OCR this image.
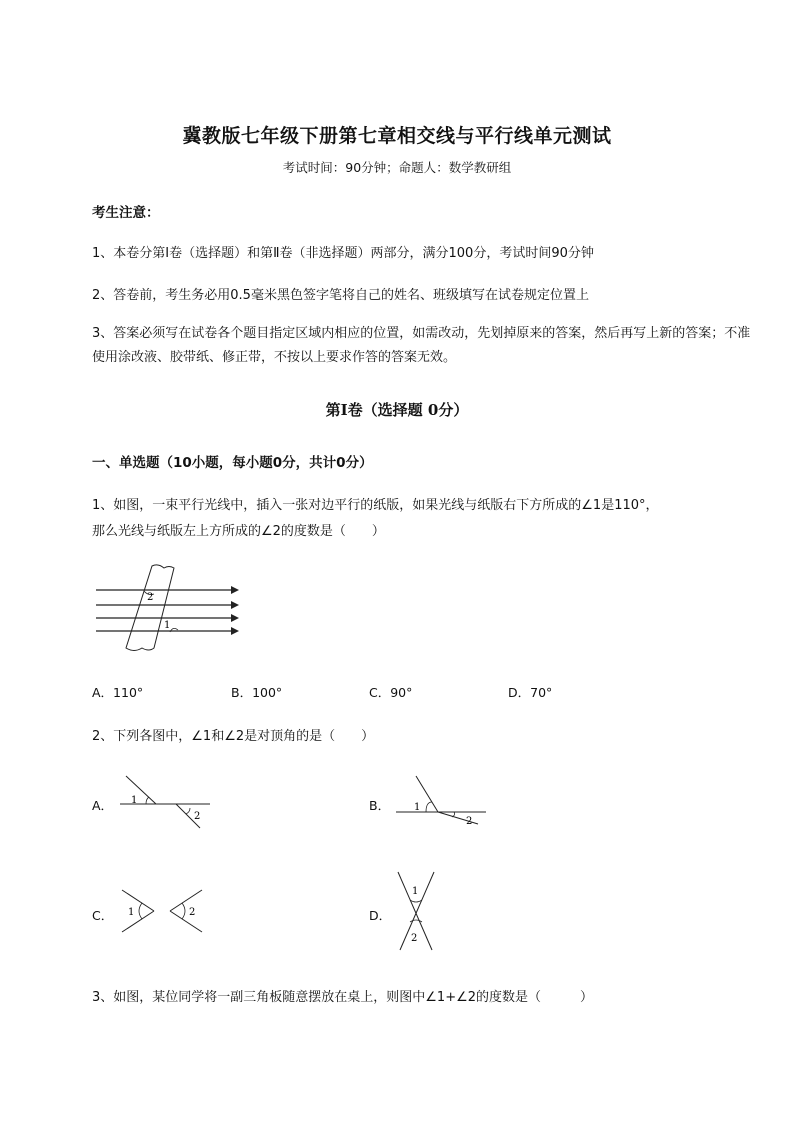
冀教版七年级下册第七章相交线与平行线单元测试
考试时间：90分钟；命题人：数学教研组
考生注意：
1、本卷分第I卷（选择题）和第Ⅱ卷（非选择题）两部分，满分100分，考试时间90分钟
2、答卷前，考生务必用0.5毫米黑色签字笔将自己的姓名、班级填写在试卷规定位置上
3、答案必须写在试卷各个题目指定区域内相应的位置，如需改动，先划掉原来的答案，然后再写上新的答案；不准使用涂改液、胶带纸、修正带，不按以上要求作答的答案无效。
第I卷（选择题 0分）
一、单选题（10小题，每小题0分，共计0分）
1、如图，一束平行光线中，插入一张对边平行的纸版，如果光线与纸版右下方所成的∠1是110°，
那么光线与纸版左上方所成的∠2的度数是（　　）
2
1
A．110°	B．100°	C．90°	D．70°
2、下列各图中，∠1和∠2是对顶角的是（　　）
A． 1
2
B． 1
2
C． 1	2	D．
1
2
3、如图，某位同学将一副三角板随意摆放在桌上，则图中∠1+∠2的度数是（　　　）
